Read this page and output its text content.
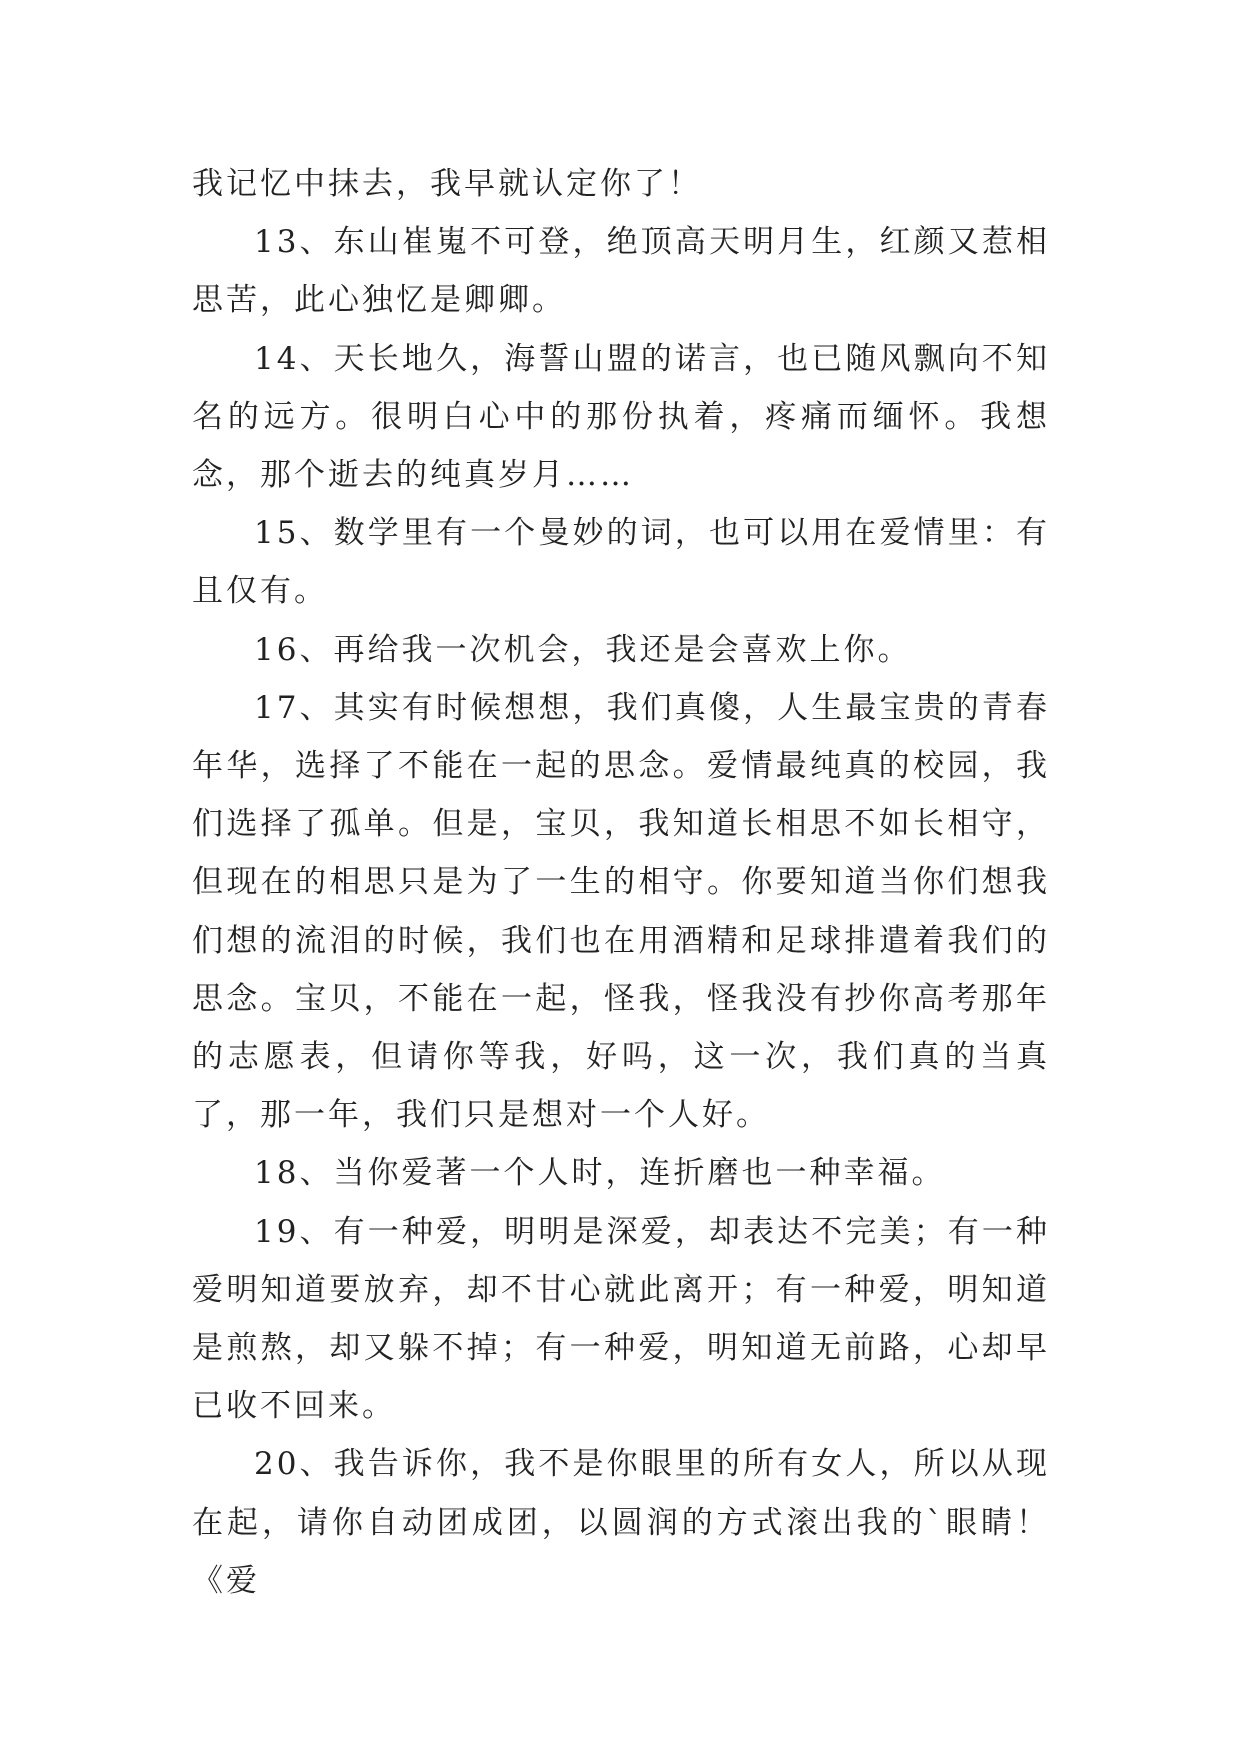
我记忆中抹去，我早就认定你了！

13、东山崔嵬不可登，绝顶高天明月生，红颜又惹相思苦，此心独忆是卿卿。

14、天长地久，海誓山盟的诺言，也已随风飘向不知名的远方。很明白心中的那份执着，疼痛而缅怀。我想念，那个逝去的纯真岁月……

15、数学里有一个曼妙的词，也可以用在爱情里：有且仅有。

16、再给我一次机会，我还是会喜欢上你。

17、其实有时候想想，我们真傻，人生最宝贵的青春年华，选择了不能在一起的思念。爱情最纯真的校园，我们选择了孤单。但是，宝贝，我知道长相思不如长相守，但现在的相思只是为了一生的相守。你要知道当你们想我们想的流泪的时候，我们也在用酒精和足球排遣着我们的思念。宝贝，不能在一起，怪我，怪我没有抄你高考那年的志愿表，但请你等我，好吗，这一次，我们真的当真了，那一年，我们只是想对一个人好。

18、当你爱著一个人时，连折磨也一种幸福。

19、有一种爱，明明是深爱，却表达不完美；有一种爱明知道要放弃，却不甘心就此离开；有一种爱，明知道是煎熬，却又躲不掉；有一种爱，明知道无前路，心却早已收不回来。

20、我告诉你，我不是你眼里的所有女人，所以从现在起，请你自动团成团，以圆润的方式滚出我的`眼睛！ 《爱
